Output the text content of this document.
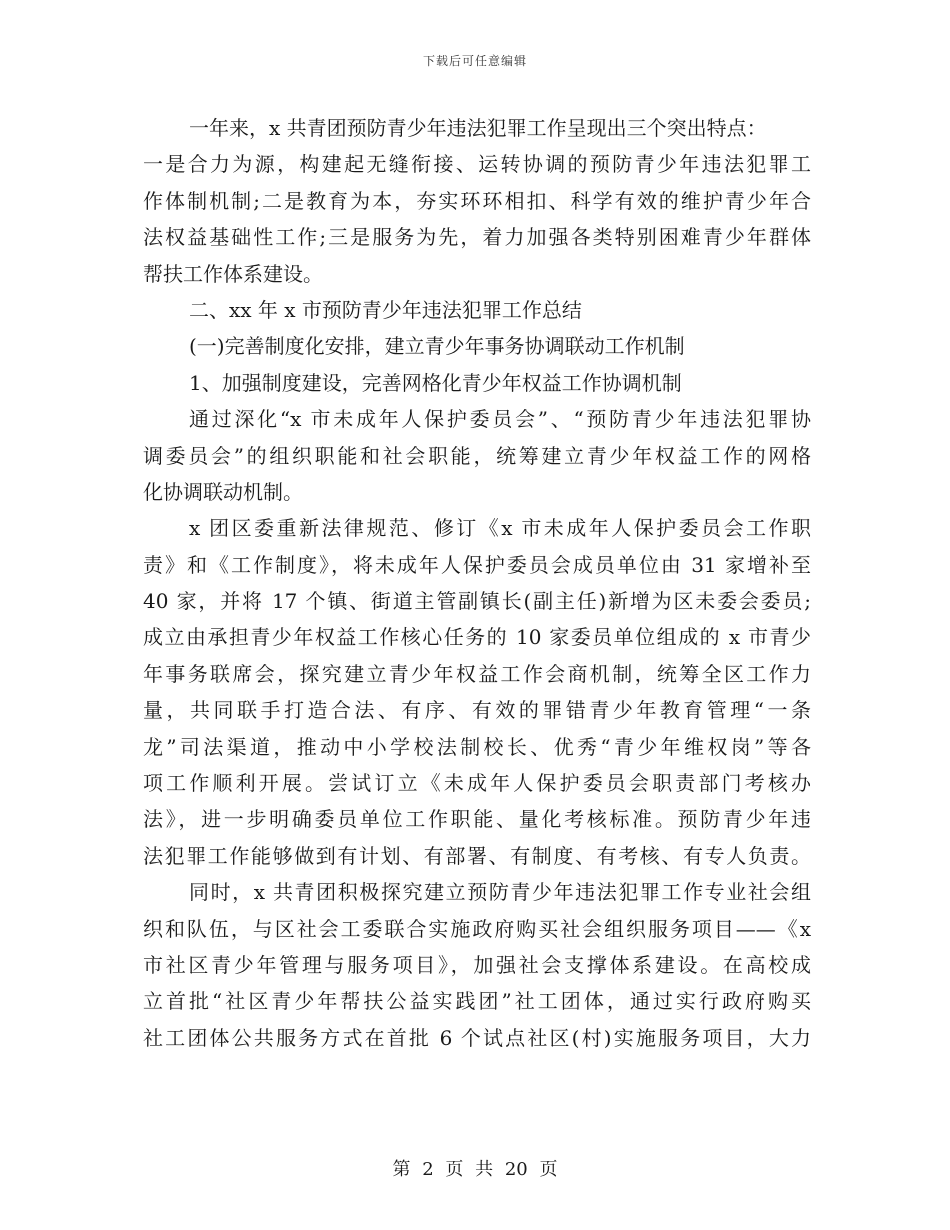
下载后可任意编辑
一年来，x 共青团预防青少年违法犯罪工作呈现出三个突出特点：
一是合力为源，构建起无缝衔接、运转协调的预防青少年违法犯罪工
作体制机制;二是教育为本，夯实环环相扣、科学有效的维护青少年合
法权益基础性工作;三是服务为先，着力加强各类特别困难青少年群体
帮扶工作体系建设。
二、xx 年 x 市预防青少年违法犯罪工作总结
(一)完善制度化安排，建立青少年事务协调联动工作机制
1、加强制度建设，完善网格化青少年权益工作协调机制
通过深化“x 市未成年人保护委员会”、“预防青少年违法犯罪协
调委员会”的组织职能和社会职能，统筹建立青少年权益工作的网格
化协调联动机制。
x 团区委重新法律规范、修订《x 市未成年人保护委员会工作职
责》和《工作制度》，将未成年人保护委员会成员单位由 31 家增补至
40 家，并将 17 个镇、街道主管副镇长(副主任)新增为区未委会委员;
成立由承担青少年权益工作核心任务的 10 家委员单位组成的 x 市青少
年事务联席会，探究建立青少年权益工作会商机制，统筹全区工作力
量，共同联手打造合法、有序、有效的罪错青少年教育管理“一条
龙”司法渠道，推动中小学校法制校长、优秀“青少年维权岗”等各
项工作顺利开展。尝试订立《未成年人保护委员会职责部门考核办
法》，进一步明确委员单位工作职能、量化考核标准。预防青少年违
法犯罪工作能够做到有计划、有部署、有制度、有考核、有专人负责。
同时，x 共青团积极探究建立预防青少年违法犯罪工作专业社会组
织和队伍，与区社会工委联合实施政府购买社会组织服务项目——《x
市社区青少年管理与服务项目》，加强社会支撑体系建设。在高校成
立首批“社区青少年帮扶公益实践团”社工团体，通过实行政府购买
社工团体公共服务方式在首批 6 个试点社区(村)实施服务项目，大力
第 2 页 共 20 页
